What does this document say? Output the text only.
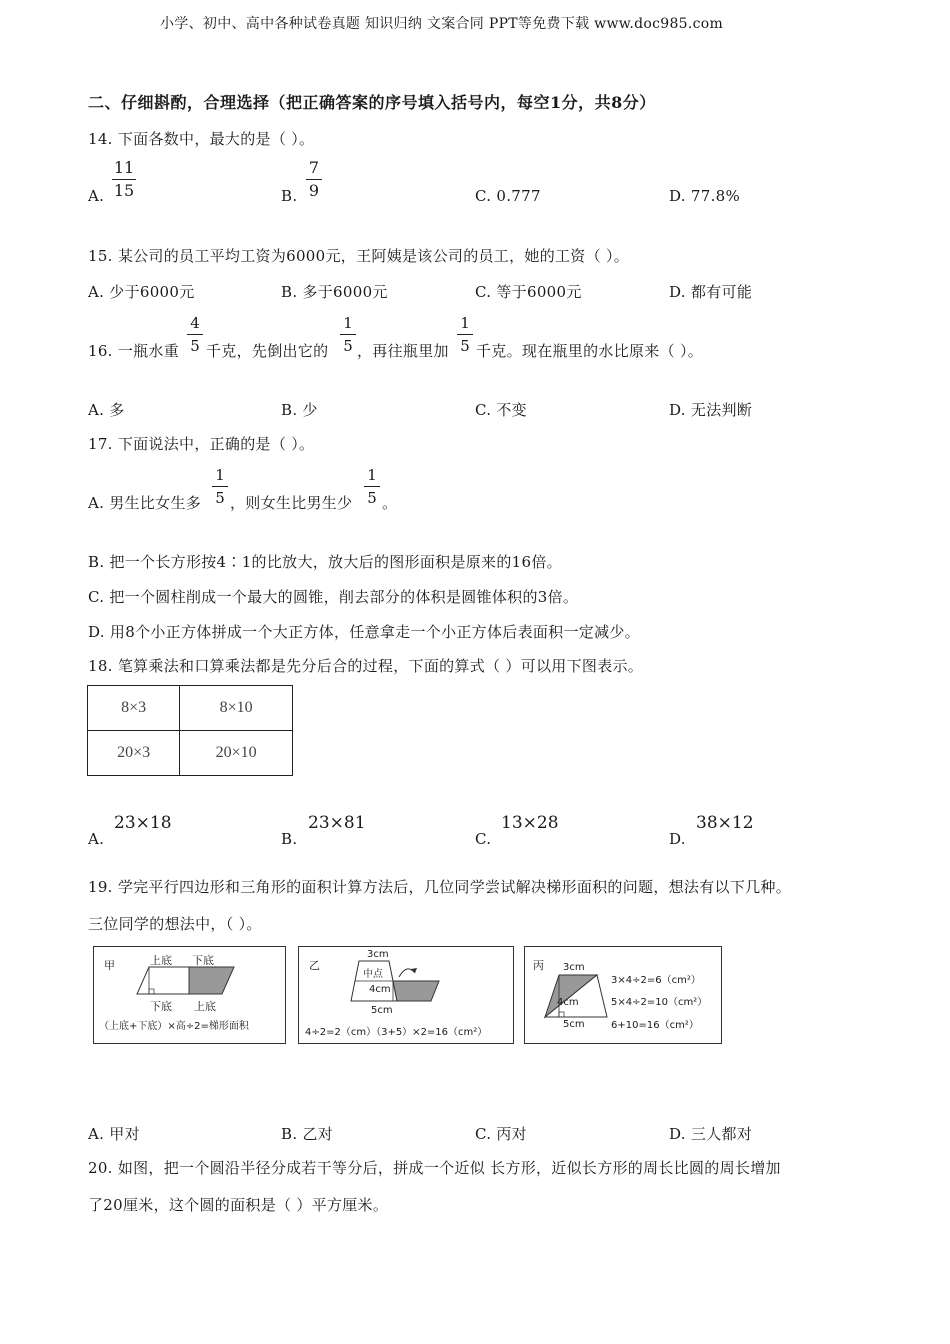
小学、初中、高中各种试卷真题 知识归纳 文案合同 PPT等免费下载 www.doc985.com
二、仔细斟酌，合理选择（把正确答案的序号填入括号内，每空1分，共8分）
14. 下面各数中，最大的是（ ）。
A.
11
15	B.
7
9	C. 0.777	D. 77.8%
15. 某公司的员工平均工资为6000元，王阿姨是该公司的员工，她的工资（ ）。
A. 少于6000元	B. 多于6000元	C. 等于6000元	D. 都有可能
16. 一瓶水重
4
5 千克，先倒出它的
1
5 ，再往瓶里加
1
5 千克。现在瓶里的水比原来（ ）。
A. 多	B. 少	C. 不变	D. 无法判断
17. 下面说法中，正确的是（ ）。
A. 男生比女生多
1
5 ，则女生比男生少
1
5 。
B. 把一个长方形按4∶1的比放大，放大后的图形面积是原来的16倍。
C. 把一个圆柱削成一个最大的圆锥，削去部分的体积是圆锥体积的3倍。
D. 用8个小正方体拼成一个大正方体，任意拿走一个小正方体后表面积一定减少。
18. 笔算乘法和口算乘法都是先分后合的过程，下面的算式（ ）可以用下图表示。
8×3	8×10
20×3	20×10
A.
23×18
B.
23×81
C.
13×28
D.
38×12
19. 学完平行四边形和三角形的面积计算方法后，几位同学尝试解决梯形面积的问题，想法有以下几种。
三位同学的想法中，（ ）。
甲	上底 下底
下底 上底
（上底+下底）×高÷2=梯形面积
乙
3cm
中点
4cm
5cm
4÷2=2（cm）（3+5）×2=16（cm²）
丙 3cm
4cm
5cm
3×4÷2=6（cm²）
5×4÷2=10（cm²）
6+10=16（cm²）
A. 甲对	B. 乙对	C. 丙对	D. 三人都对
20. 如图，把一个圆沿半径分成若干等分后，拼成一个近似 长方形，近似长方形的周长比圆的周长增加
了20厘米，这个圆的面积是（ ）平方厘米。
